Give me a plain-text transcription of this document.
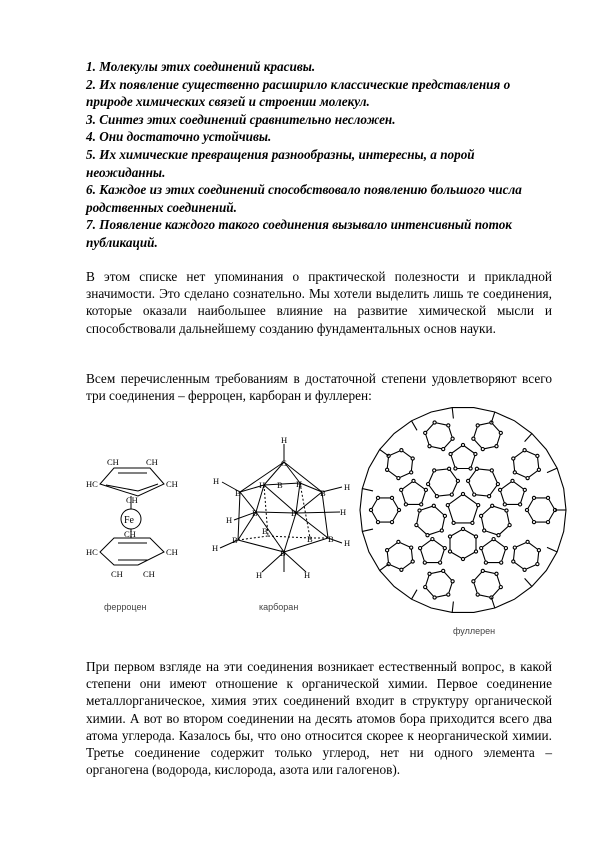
1. Молекулы этих соединений красивы.
2. Их появление существенно расширило классические представления о природе химических связей и строении молекул.
3. Синтез этих соединений сравнительно несложен.
4. Они достаточно устойчивы.
5. Их химические превращения разнообразны, интересны, а порой неожиданны.
6. Каждое из этих соединений способствовало появлению большого числа родственных соединений.
7. Появление каждого такого соединения вызывало интенсивный поток публикаций.

В этом списке нет упоминания о практической полезности и прикладной значимости. Это сделано сознательно. Мы хотели выделить лишь те соединения, которые оказали наибольшее влияние на развитие химической мысли и способствовали дальнейшему созданию фундаментальных основ науки.

Всем перечисленным требованиям в достаточной степени удовлетворяют всего три соединения – ферроцен, карборан и фуллерен:

CH	CH
HC	CH
CH
Fe
CH
HC	CH
CH CH
H
C
H
B
H B H
B
H
H
B	B	H
H
B
B
B B H
B
H	H

ферроцен	карборан

фуллерен

При первом взгляде на эти соединения возникает естественный вопрос, в какой степени они имеют отношение к органической химии. Первое соединение металлорганическое, химия этих соединений входит в структуру органической химии. А вот во втором соединении на десять атомов бора приходится всего два атома углерода. Казалось бы, что оно относится скорее к неорганической химии. Третье соединение содержит только углерод, нет ни одного элемента – органогена (водорода, кислорода, азота или галогенов).
